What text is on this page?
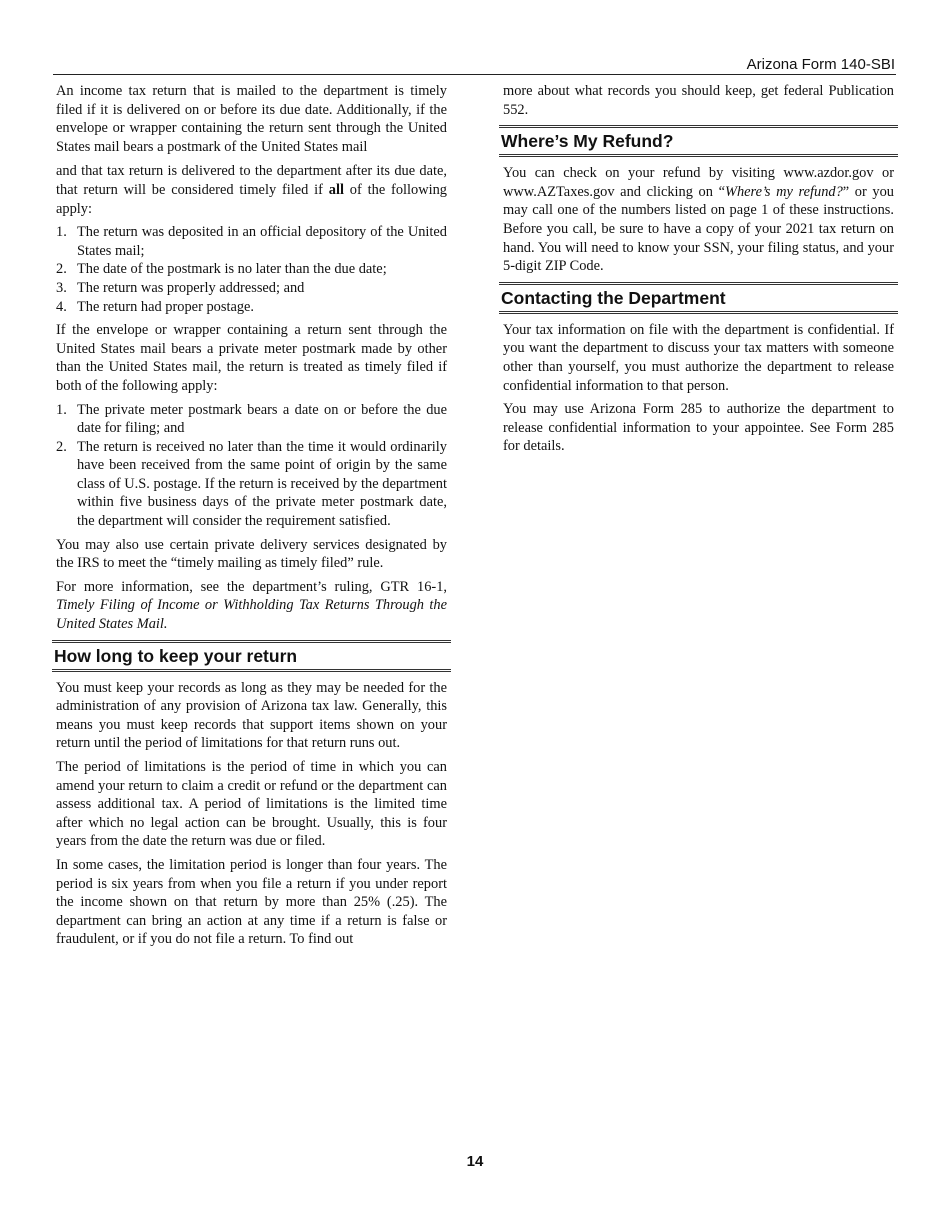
Arizona Form 140-SBI

An income tax return that is mailed to the department is timely filed if it is delivered on or before its due date. Additionally, if the envelope or wrapper containing the return sent through the United States mail bears a postmark of the United States mail

and that tax return is delivered to the department after its due date, that return will be considered timely filed if all of the following apply:

1. The return was deposited in an official depository of the United States mail;
2. The date of the postmark is no later than the due date;
3. The return was properly addressed; and
4. The return had proper postage.

If the envelope or wrapper containing a return sent through the United States mail bears a private meter postmark made by other than the United States mail, the return is treated as timely filed if both of the following apply:

1. The private meter postmark bears a date on or before the due date for filing; and
2. The return is received no later than the time it would ordinarily have been received from the same point of origin by the same class of U.S. postage. If the return is received by the department within five business days of the private meter postmark date, the department will consider the requirement satisfied.

You may also use certain private delivery services designated by the IRS to meet the “timely mailing as timely filed” rule.

For more information, see the department’s ruling, GTR 16-1, Timely Filing of Income or Withholding Tax Returns Through the United States Mail.

How long to keep your return

You must keep your records as long as they may be needed for the administration of any provision of Arizona tax law. Generally, this means you must keep records that support items shown on your return until the period of limitations for that return runs out.

The period of limitations is the period of time in which you can amend your return to claim a credit or refund or the department can assess additional tax. A period of limitations is the limited time after which no legal action can be brought. Usually, this is four years from the date the return was due or filed.

In some cases, the limitation period is longer than four years. The period is six years from when you file a return if you under report the income shown on that return by more than 25% (.25). The department can bring an action at any time if a return is false or fraudulent, or if you do not file a return. To find out

more about what records you should keep, get federal Publication 552.

Where’s My Refund?

You can check on your refund by visiting www.azdor.gov or www.AZTaxes.gov and clicking on “Where’s my refund?” or you may call one of the numbers listed on page 1 of these instructions. Before you call, be sure to have a copy of your 2021 tax return on hand. You will need to know your SSN, your filing status, and your 5-digit ZIP Code.

Contacting the Department

Your tax information on file with the department is confidential. If you want the department to discuss your tax matters with someone other than yourself, you must authorize the department to release confidential information to that person.

You may use Arizona Form 285 to authorize the department to release confidential information to your appointee. See Form 285 for details.

14
